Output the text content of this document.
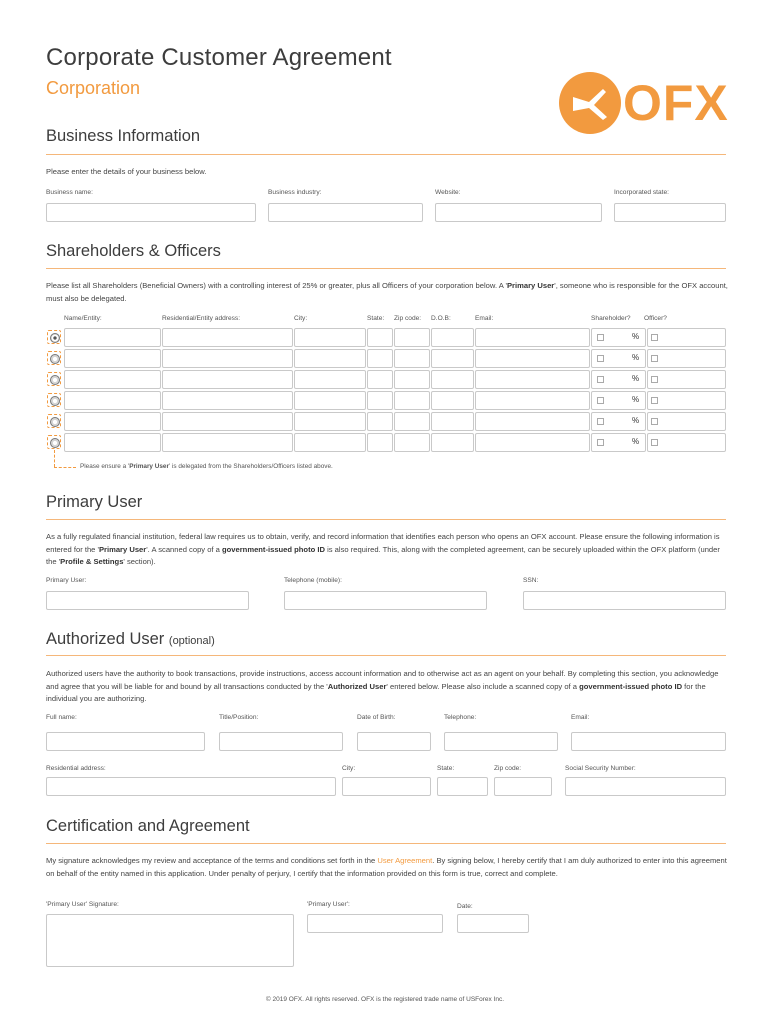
Corporate Customer Agreement
Corporation	OFX
Business Information
Please enter the details of your business below.
Business name:	Business industry:	Website:	Incorporated state:
Shareholders & Officers
Please list all Shareholders (Beneficial Owners) with a controlling interest of 25% or greater, plus all Officers of your corporation below. A 'Primary User', someone who is responsible for the OFX account, must also be delegated.
Name/Entity:	Residential/Entity address:	City:	State: Zip code: D.O.B:	Email:	Shareholder? Officer?
%
%
%
%
%
%
Please ensure a 'Primary User' is delegated from the Shareholders/Officers listed above.
Primary User
As a fully regulated financial institution, federal law requires us to obtain, verify, and record information that identifies each person who opens an OFX account. Please ensure the following information is entered for the 'Primary User'. A scanned copy of a government-issued photo ID is also required. This, along with the completed agreement, can be securely uploaded within the OFX platform (under the 'Profile & Settings' section).
Primary User:	Telephone (mobile):	SSN:
Authorized User (optional)
Authorized users have the authority to book transactions, provide instructions, access account information and to otherwise act as an agent on your behalf. By completing this section, you acknowledge and agree that you will be liable for and bound by all transactions conducted by the 'Authorized User' entered below. Please also include a scanned copy of a government-issued photo ID for the individual you are authorizing.
Full name:	Title/Position:	Date of Birth:	Telephone:	Email:
Residential address:	City:	State:	Zip code:	Social Security Number:
Certification and Agreement
My signature acknowledges my review and acceptance of the terms and conditions set forth in the User Agreement. By signing below, I hereby certify that I am duly authorized to enter into this agreement on behalf of the entity named in this application. Under penalty of perjury, I certify that the information provided on this form is true, correct and complete.
'Primary User' Signature:	'Primary User':	Date:
© 2019 OFX. All rights reserved. OFX is the registered trade name of USForex Inc.
